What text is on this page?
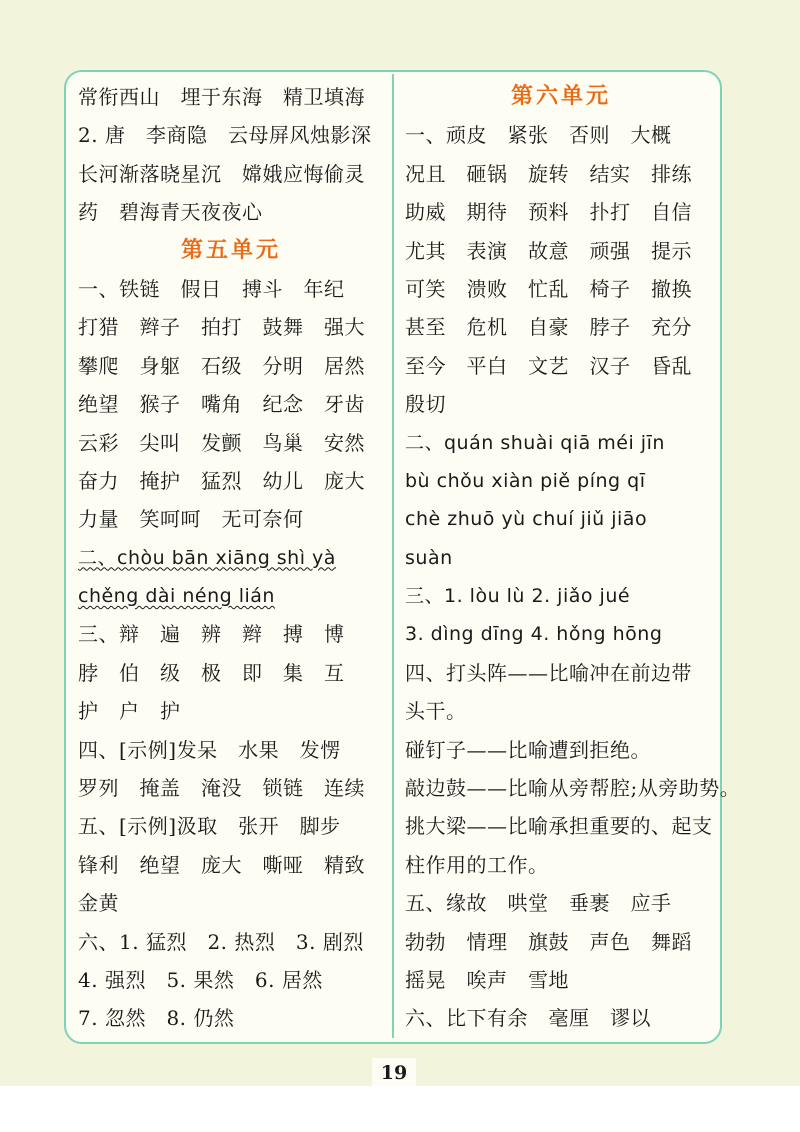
常衔西山　埋于东海　精卫填海
2. 唐　李商隐　云母屏风烛影深
长河渐落晓星沉　嫦娥应悔偷灵
药　碧海青天夜夜心
第五单元
一、铁链　假日　搏斗　年纪
打猎　辫子　拍打　鼓舞　强大
攀爬　身躯　石级　分明　居然
绝望　猴子　嘴角　纪念　牙齿
云彩　尖叫　发颤　鸟巢　安然
奋力　掩护　猛烈　幼儿　庞大
力量　笑呵呵　无可奈何
二、chòu bān xiāng shì yà
chěng dài néng lián
三、辩　遍　辨　辫　搏　博
脖　伯　级　极　即　集　互
护　户　护
四、[示例]发呆　水果　发愣
罗列　掩盖　淹没　锁链　连续
五、[示例]汲取　张开　脚步
锋利　绝望　庞大　嘶哑　精致
金黄
六、1. 猛烈　2. 热烈　3. 剧烈
4. 强烈　5. 果然　6. 居然
7. 忽然　8. 仍然
第六单元
一、顽皮　紧张　否则　大概
况且　砸锅　旋转　结实　排练
助威　期待　预料　扑打　自信
尤其　表演　故意　顽强　提示
可笑　溃败　忙乱　椅子　撤换
甚至　危机　自豪　脖子　充分
至今　平白　文艺　汉子　昏乱
殷切
二、quán shuài qiā méi jīn
bù chǒu xiàn piě píng qī
chè zhuō yù chuí jiǔ jiāo
suàn
三、1. lòu lù 2. jiǎo jué
3. dìng dīng 4. hǒng hōng
四、打头阵——比喻冲在前边带
头干。
碰钉子——比喻遭到拒绝。
敲边鼓——比喻从旁帮腔;从旁助势。
挑大梁——比喻承担重要的、起支
柱作用的工作。
五、缘故　哄堂　垂裹　应手
勃勃　情理　旗鼓　声色　舞蹈
摇晃　唉声　雪地
六、比下有余　毫厘　谬以
19
